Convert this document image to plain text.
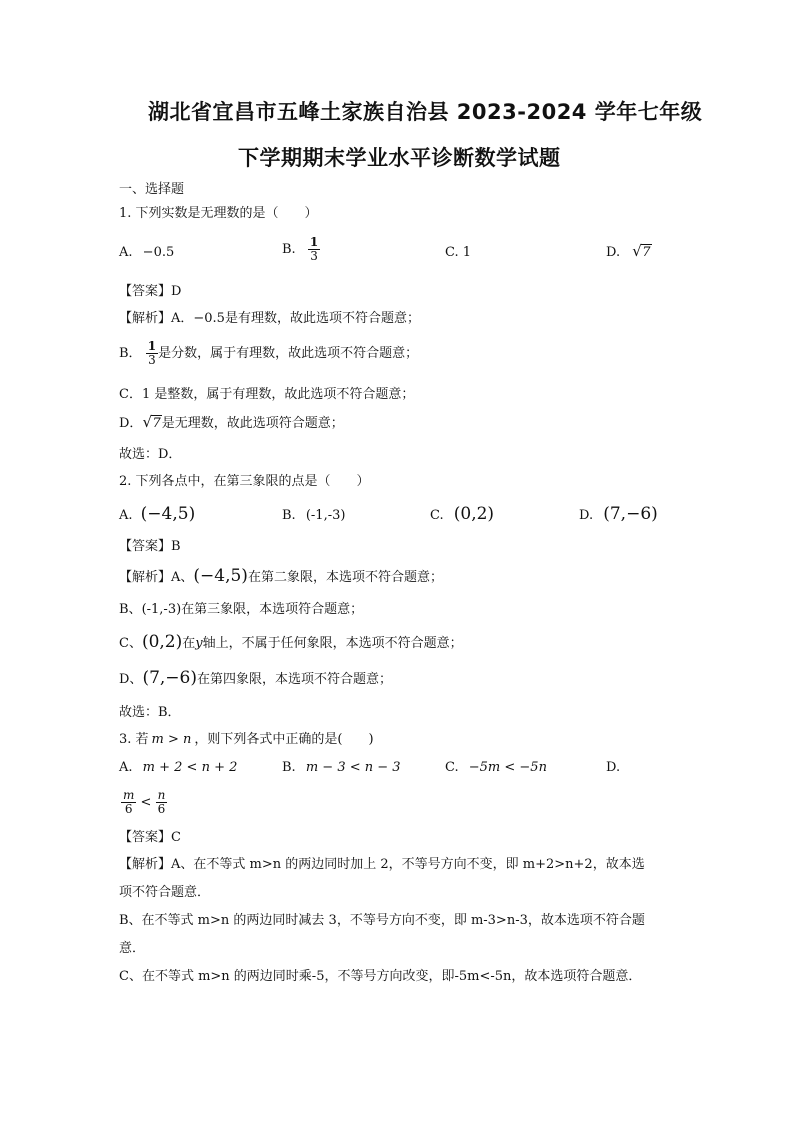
湖北省宜昌市五峰土家族自治县 2023-2024 学年七年级
下学期期末学业水平诊断数学试题
一、选择题
1. 下列实数是无理数的是（　　）
A. −0.5	B. $\frac{1}{3}$	C. 1	D. √ 7
【答案】D
【解析】A．−0.5是有理数，故此选项不符合题意；
B． $\frac{1}{3}$ 是分数，属于有理数，故此选项不符合题意；
C．1 是整数，属于有理数，故此选项不符合题意；
D． √ 7是无理数，故此选项符合题意；
故选：D．
2. 下列各点中，在第三象限的点是（　　）
A. (−4,5)	B. (-1,-3)	C. (0,2)	D. (7,−6)
【答案】B
【解析】A、(−4,5)在第二象限，本选项不符合题意；
B、(-1,-3)在第三象限，本选项符合题意；
C、(0,2)在y轴上，不属于任何象限，本选项不符合题意；
D、(7,−6)在第四象限，本选项不符合题意；
故选：B．
3. 若 m > n ，则下列各式中正确的是(　　)
A. m + 2 < n + 2	B. m − 3 < n − 3	C. −5m < −5n	D.
$\frac{m}{6} < \frac{n}{6}$
【答案】C
【解析】A、在不等式 m>n 的两边同时加上 2，不等号方向不变，即 m+2>n+2，故本选
项不符合题意．
B、在不等式 m>n 的两边同时减去 3，不等号方向不变，即 m-3>n-3，故本选项不符合题
意．
C、在不等式 m>n 的两边同时乘-5，不等号方向改变，即-5m<-5n，故本选项符合题意．
